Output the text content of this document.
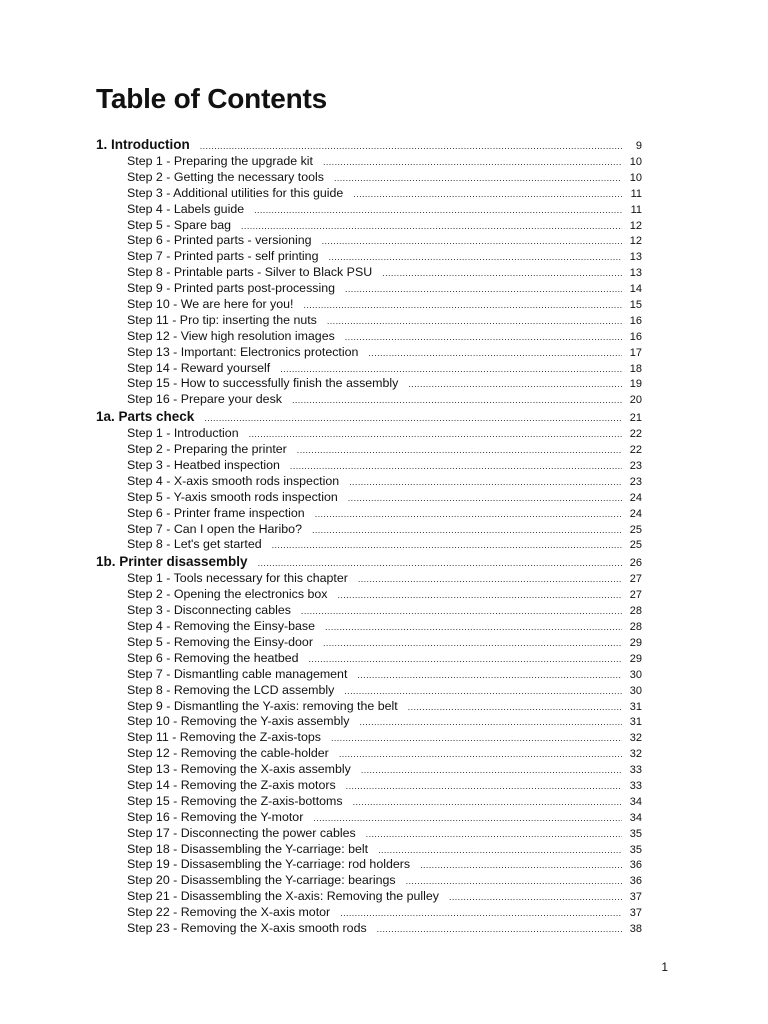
Table of Contents
1. Introduction .....	9
Step 1 - Preparing the upgrade kit .....	10
Step 2 - Getting the necessary tools .....	10
Step 3 - Additional utilities for this guide .....	11
Step 4 - Labels guide .....	11
Step 5 - Spare bag .....	12
Step 6 - Printed parts - versioning .....	12
Step 7 - Printed parts - self printing .....	13
Step 8 - Printable parts - Silver to Black PSU .....	13
Step 9 - Printed parts post-processing .....	14
Step 10 - We are here for you! .....	15
Step 11 - Pro tip: inserting the nuts .....	16
Step 12 - View high resolution images .....	16
Step 13 - Important: Electronics protection .....	17
Step 14 - Reward yourself .....	18
Step 15 - How to successfully finish the assembly .....	19
Step 16 - Prepare your desk .....	20
1a. Parts check .....	21
Step 1 - Introduction .....	22
Step 2 - Preparing the printer .....	22
Step 3 - Heatbed inspection .....	23
Step 4 - X-axis smooth rods inspection .....	23
Step 5 - Y-axis smooth rods inspection .....	24
Step 6 - Printer frame inspection .....	24
Step 7 - Can I open the Haribo? .....	25
Step 8 - Let's get started .....	25
1b. Printer disassembly .....	26
Step 1 - Tools necessary for this chapter .....	27
Step 2 - Opening the electronics box .....	27
Step 3 - Disconnecting cables .....	28
Step 4 - Removing the Einsy-base .....	28
Step 5 - Removing the Einsy-door .....	29
Step 6 - Removing the heatbed .....	29
Step 7 - Dismantling cable management .....	30
Step 8 - Removing the LCD assembly .....	30
Step 9 - Dismantling the Y-axis: removing the belt .....	31
Step 10 - Removing the Y-axis assembly .....	31
Step 11 - Removing the Z-axis-tops .....	32
Step 12 - Removing the cable-holder .....	32
Step 13 - Removing the X-axis assembly .....	33
Step 14 - Removing the Z-axis motors .....	33
Step 15 - Removing the Z-axis-bottoms .....	34
Step 16 - Removing the Y-motor .....	34
Step 17 - Disconnecting the power cables .....	35
Step 18 - Disassembling the Y-carriage: belt .....	35
Step 19 - Dissasembling the Y-carriage: rod holders .....	36
Step 20 - Disassembling the Y-carriage: bearings .....	36
Step 21 - Disassembling the X-axis: Removing the pulley .....	37
Step 22 - Removing the X-axis motor .....	37
Step 23 - Removing the X-axis smooth rods .....	38
1
